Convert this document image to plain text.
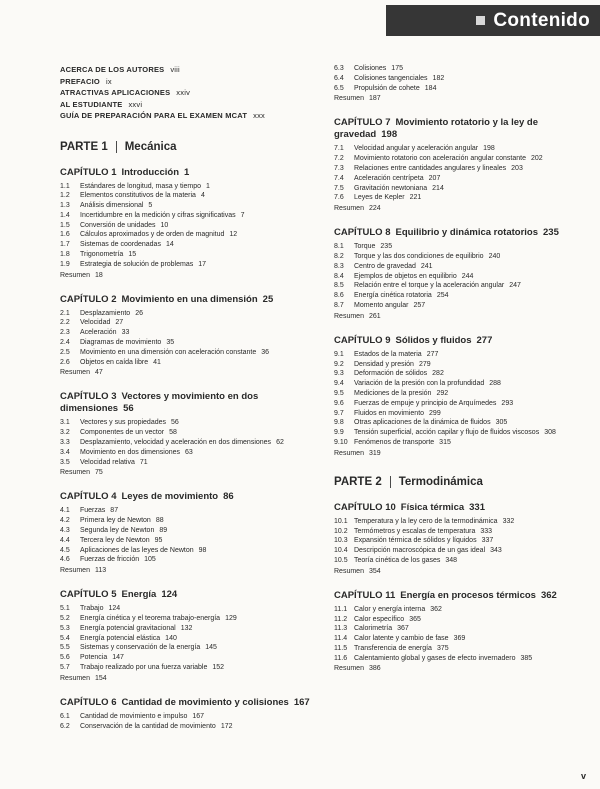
Contenido
ACERCA DE LOS AUTORES viii
PREFACIO ix
ATRACTIVAS APLICACIONES xxiv
AL ESTUDIANTE xxvi
GUÍA DE PREPARACIÓN PARA EL EXAMEN MCAT xxx
PARTE 1 Mecánica
CAPÍTULO 1 Introducción 1
1.1 Estándares de longitud, masa y tiempo 1
1.2 Elementos constitutivos de la materia 4
1.3 Análisis dimensional 5
1.4 Incertidumbre en la medición y cifras significativas 7
1.5 Conversión de unidades 10
1.6 Cálculos aproximados y de orden de magnitud 12
1.7 Sistemas de coordenadas 14
1.8 Trigonometría 15
1.9 Estrategia de solución de problemas 17
Resumen 18
CAPÍTULO 2 Movimiento en una dimensión 25
2.1 Desplazamiento 26
2.2 Velocidad 27
2.3 Aceleración 33
2.4 Diagramas de movimiento 35
2.5 Movimiento en una dimensión con aceleración constante 36
2.6 Objetos en caída libre 41
Resumen 47
CAPÍTULO 3 Vectores y movimiento en dos dimensiones 56
3.1 Vectores y sus propiedades 56
3.2 Componentes de un vector 58
3.3 Desplazamiento, velocidad y aceleración en dos dimensiones 62
3.4 Movimiento en dos dimensiones 63
3.5 Velocidad relativa 71
Resumen 75
CAPÍTULO 4 Leyes de movimiento 86
4.1 Fuerzas 87
4.2 Primera ley de Newton 88
4.3 Segunda ley de Newton 89
4.4 Tercera ley de Newton 95
4.5 Aplicaciones de las leyes de Newton 98
4.6 Fuerzas de fricción 105
Resumen 113
CAPÍTULO 5 Energía 124
5.1 Trabajo 124
5.2 Energía cinética y el teorema trabajo-energía 129
5.3 Energía potencial gravitacional 132
5.4 Energía potencial elástica 140
5.5 Sistemas y conservación de la energía 145
5.6 Potencia 147
5.7 Trabajo realizado por una fuerza variable 152
Resumen 154
CAPÍTULO 6 Cantidad de movimiento y colisiones 167
6.1 Cantidad de movimiento e impulso 167
6.2 Conservación de la cantidad de movimiento 172
6.3 Colisiones 175
6.4 Colisiones tangenciales 182
6.5 Propulsión de cohete 184
Resumen 187
CAPÍTULO 7 Movimiento rotatorio y la ley de gravedad 198
7.1 Velocidad angular y aceleración angular 198
7.2 Movimiento rotatorio con aceleración angular constante 202
7.3 Relaciones entre cantidades angulares y lineales 203
7.4 Aceleración centrípeta 207
7.5 Gravitación newtoniana 214
7.6 Leyes de Kepler 221
Resumen 224
CAPÍTULO 8 Equilibrio y dinámica rotatorios 235
8.1 Torque 235
8.2 Torque y las dos condiciones de equilibrio 240
8.3 Centro de gravedad 241
8.4 Ejemplos de objetos en equilibrio 244
8.5 Relación entre el torque y la aceleración angular 247
8.6 Energía cinética rotatoria 254
8.7 Momento angular 257
Resumen 261
CAPÍTULO 9 Sólidos y fluidos 277
9.1 Estados de la materia 277
9.2 Densidad y presión 279
9.3 Deformación de sólidos 282
9.4 Variación de la presión con la profundidad 288
9.5 Mediciones de la presión 292
9.6 Fuerzas de empuje y principio de Arquímedes 293
9.7 Fluidos en movimiento 299
9.8 Otras aplicaciones de la dinámica de fluidos 305
9.9 Tensión superficial, acción capilar y flujo de fluidos viscosos 308
9.10 Fenómenos de transporte 315
Resumen 319
PARTE 2 Termodinámica
CAPÍTULO 10 Física térmica 331
10.1 Temperatura y la ley cero de la termodinámica 332
10.2 Termómetros y escalas de temperatura 333
10.3 Expansión térmica de sólidos y líquidos 337
10.4 Descripción macroscópica de un gas ideal 343
10.5 Teoría cinética de los gases 348
Resumen 354
CAPÍTULO 11 Energía en procesos térmicos 362
11.1 Calor y energía interna 362
11.2 Calor específico 365
11.3 Calorimetría 367
11.4 Calor latente y cambio de fase 369
11.5 Transferencia de energía 375
11.6 Calentamiento global y gases de efecto invernadero 385
Resumen 386
v
